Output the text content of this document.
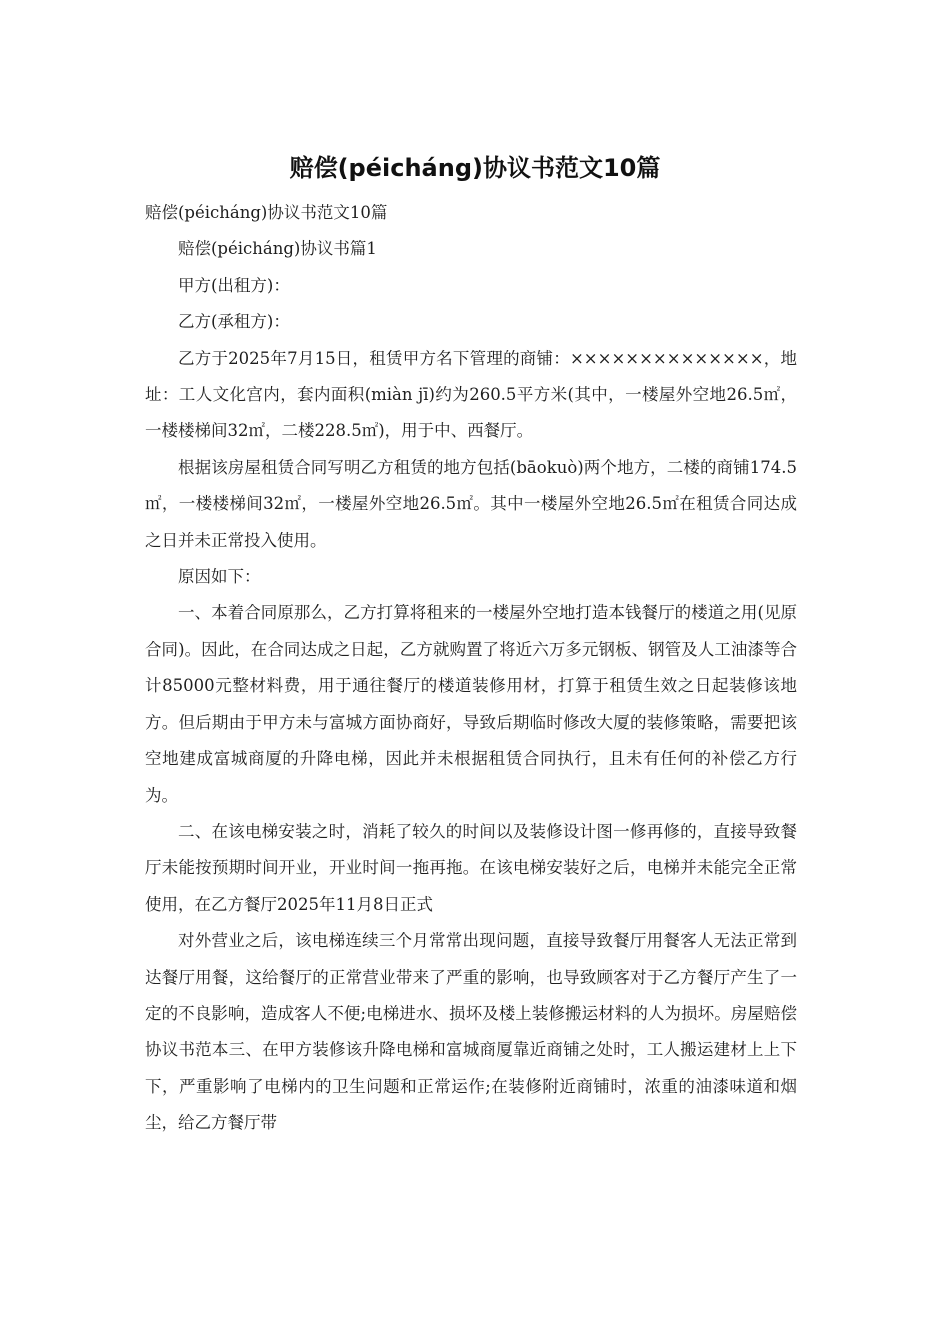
赔偿(péicháng)协议书范文10篇

赔偿(péicháng)协议书范文10篇

赔偿(péicháng)协议书篇1

甲方(出租方)：

乙方(承租方)：

乙方于2025年7月15日，租赁甲方名下管理的商铺：××××××××××××××，地址：工人文化宫内，套内面积(miàn jī)约为260.5平方米(其中，一楼屋外空地26.5㎡，一楼楼梯间32㎡，二楼228.5㎡)，用于中、西餐厅。

根据该房屋租赁合同写明乙方租赁的地方包括(bāokuò)两个地方，二楼的商铺174.5㎡，一楼楼梯间32㎡，一楼屋外空地26.5㎡。其中一楼屋外空地26.5㎡在租赁合同达成之日并未正常投入使用。

原因如下：

一、本着合同原那么，乙方打算将租来的一楼屋外空地打造本钱餐厅的楼道之用(见原合同)。因此，在合同达成之日起，乙方就购置了将近六万多元钢板、钢管及人工油漆等合计85000元整材料费，用于通往餐厅的楼道装修用材，打算于租赁生效之日起装修该地方。但后期由于甲方未与富城方面协商好，导致后期临时修改大厦的装修策略，需要把该空地建成富城商厦的升降电梯，因此并未根据租赁合同执行，且未有任何的补偿乙方行为。

二、在该电梯安装之时，消耗了较久的时间以及装修设计图一修再修的，直接导致餐厅未能按预期时间开业，开业时间一拖再拖。在该电梯安装好之后，电梯并未能完全正常使用，在乙方餐厅2025年11月8日正式

对外营业之后，该电梯连续三个月常常出现问题，直接导致餐厅用餐客人无法正常到达餐厅用餐，这给餐厅的正常营业带来了严重的影响，也导致顾客对于乙方餐厅产生了一定的不良影响，造成客人不便;电梯进水、损坏及楼上装修搬运材料的人为损坏。房屋赔偿协议书范本三、在甲方装修该升降电梯和富城商厦靠近商铺之处时，工人搬运建材上上下下，严重影响了电梯内的卫生问题和正常运作;在装修附近商铺时，浓重的油漆味道和烟尘，给乙方餐厅带
